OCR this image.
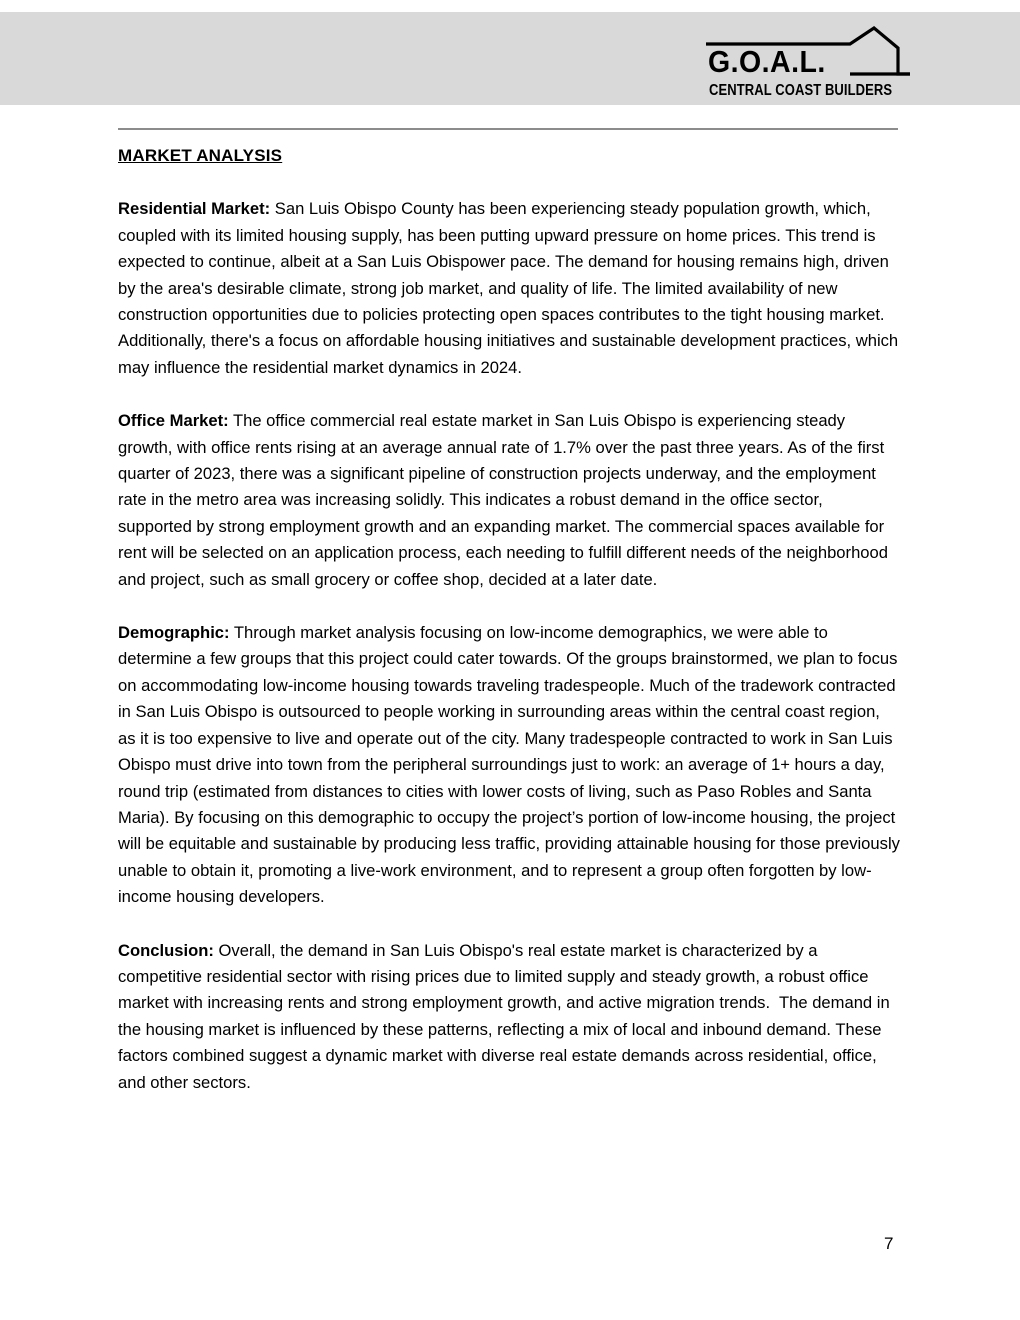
G.O.A.L.
CENTRAL COAST BUILDERS
MARKET ANALYSIS

Residential Market: San Luis Obispo County has been experiencing steady population growth, which, coupled with its limited housing supply, has been putting upward pressure on home prices. This trend is expected to continue, albeit at a San Luis Obispower pace. The demand for housing remains high, driven by the area's desirable climate, strong job market, and quality of life. The limited availability of new construction opportunities due to policies protecting open spaces contributes to the tight housing market. Additionally, there's a focus on affordable housing initiatives and sustainable development practices, which may influence the residential market dynamics in 2024.

Office Market: The office commercial real estate market in San Luis Obispo is experiencing steady growth, with office rents rising at an average annual rate of 1.7% over the past three years. As of the first quarter of 2023, there was a significant pipeline of construction projects underway, and the employment rate in the metro area was increasing solidly. This indicates a robust demand in the office sector, supported by strong employment growth and an expanding market. The commercial spaces available for rent will be selected on an application process, each needing to fulfill different needs of the neighborhood and project, such as small grocery or coffee shop, decided at a later date.

Demographic: Through market analysis focusing on low-income demographics, we were able to determine a few groups that this project could cater towards. Of the groups brainstormed, we plan to focus on accommodating low-income housing towards traveling tradespeople. Much of the tradework contracted in San Luis Obispo is outsourced to people working in surrounding areas within the central coast region, as it is too expensive to live and operate out of the city. Many tradespeople contracted to work in San Luis Obispo must drive into town from the peripheral surroundings just to work: an average of 1+ hours a day, round trip (estimated from distances to cities with lower costs of living, such as Paso Robles and Santa Maria). By focusing on this demographic to occupy the project’s portion of low-income housing, the project will be equitable and sustainable by producing less traffic, providing attainable housing for those previously unable to obtain it, promoting a live-work environment, and to represent a group often forgotten by low-income housing developers.

Conclusion: Overall, the demand in San Luis Obispo's real estate market is characterized by a competitive residential sector with rising prices due to limited supply and steady growth, a robust office market with increasing rents and strong employment growth, and active migration trends.  The demand in the housing market is influenced by these patterns, reflecting a mix of local and inbound demand. These factors combined suggest a dynamic market with diverse real estate demands across residential, office, and other sectors.

7
